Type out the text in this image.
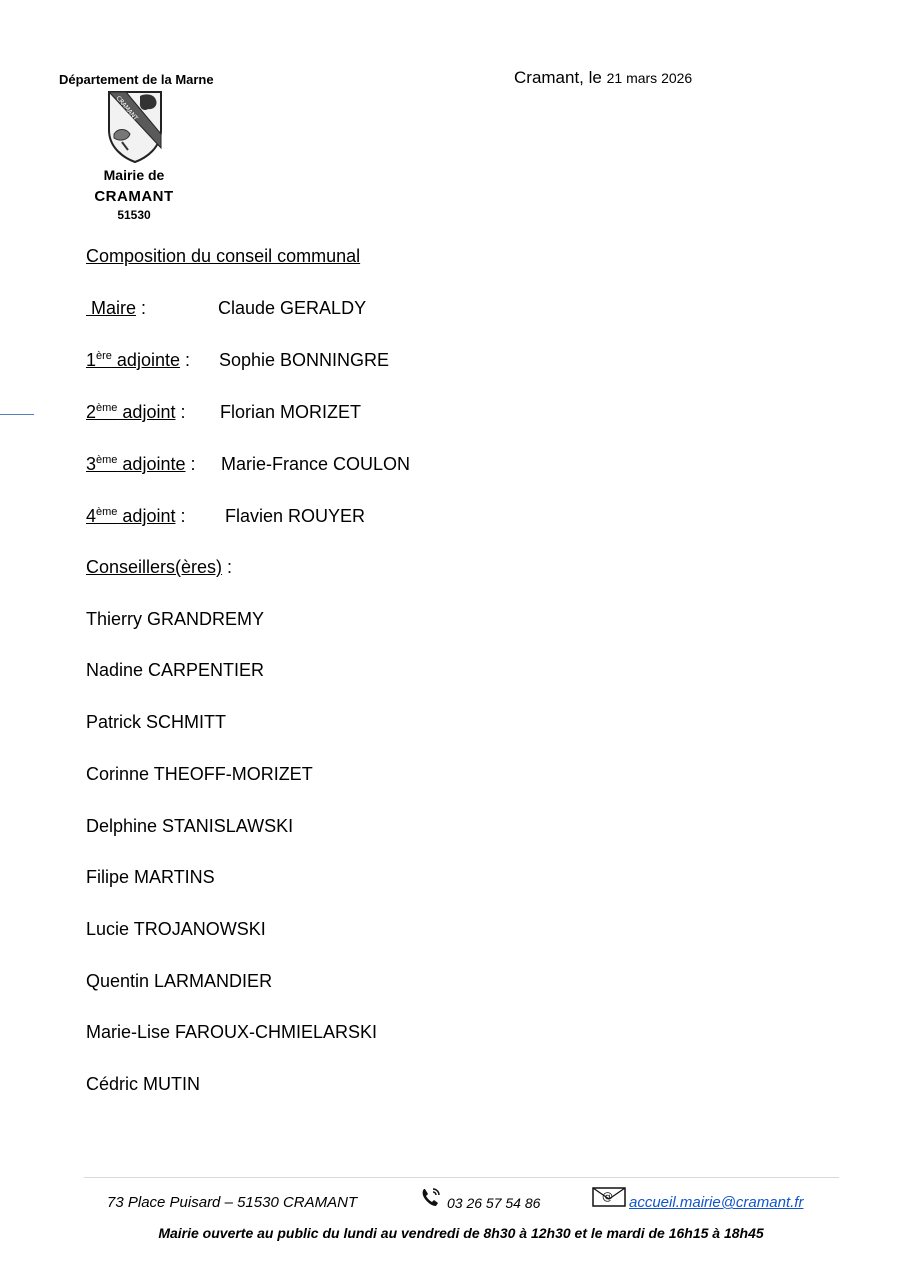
Département de la Marne
CRAMANT
Mairie de
CRAMANT
51530
Cramant, le 21 mars 2026
Composition du conseil communal
Maire :	Claude GERALDY
1ère adjointe : Sophie BONNINGRE
2ème adjoint : Florian MORIZET
3ème adjointe : Marie-France COULON
4ème adjoint : Flavien ROUYER
Conseillers(ères) :
Thierry GRANDREMY
Nadine CARPENTIER
Patrick SCHMITT
Corinne THEOFF-MORIZET
Delphine STANISLAWSKI
Filipe MARTINS
Lucie TROJANOWSKI
Quentin LARMANDIER
Marie-Lise FAROUX-CHMIELARSKI
Cédric MUTIN
73 Place Puisard – 51530 CRAMANT	03 26 57 54 86	@ accueil.mairie@cramant.fr
Mairie ouverte au public du lundi au vendredi de 8h30 à 12h30 et le mardi de 16h15 à 18h45
